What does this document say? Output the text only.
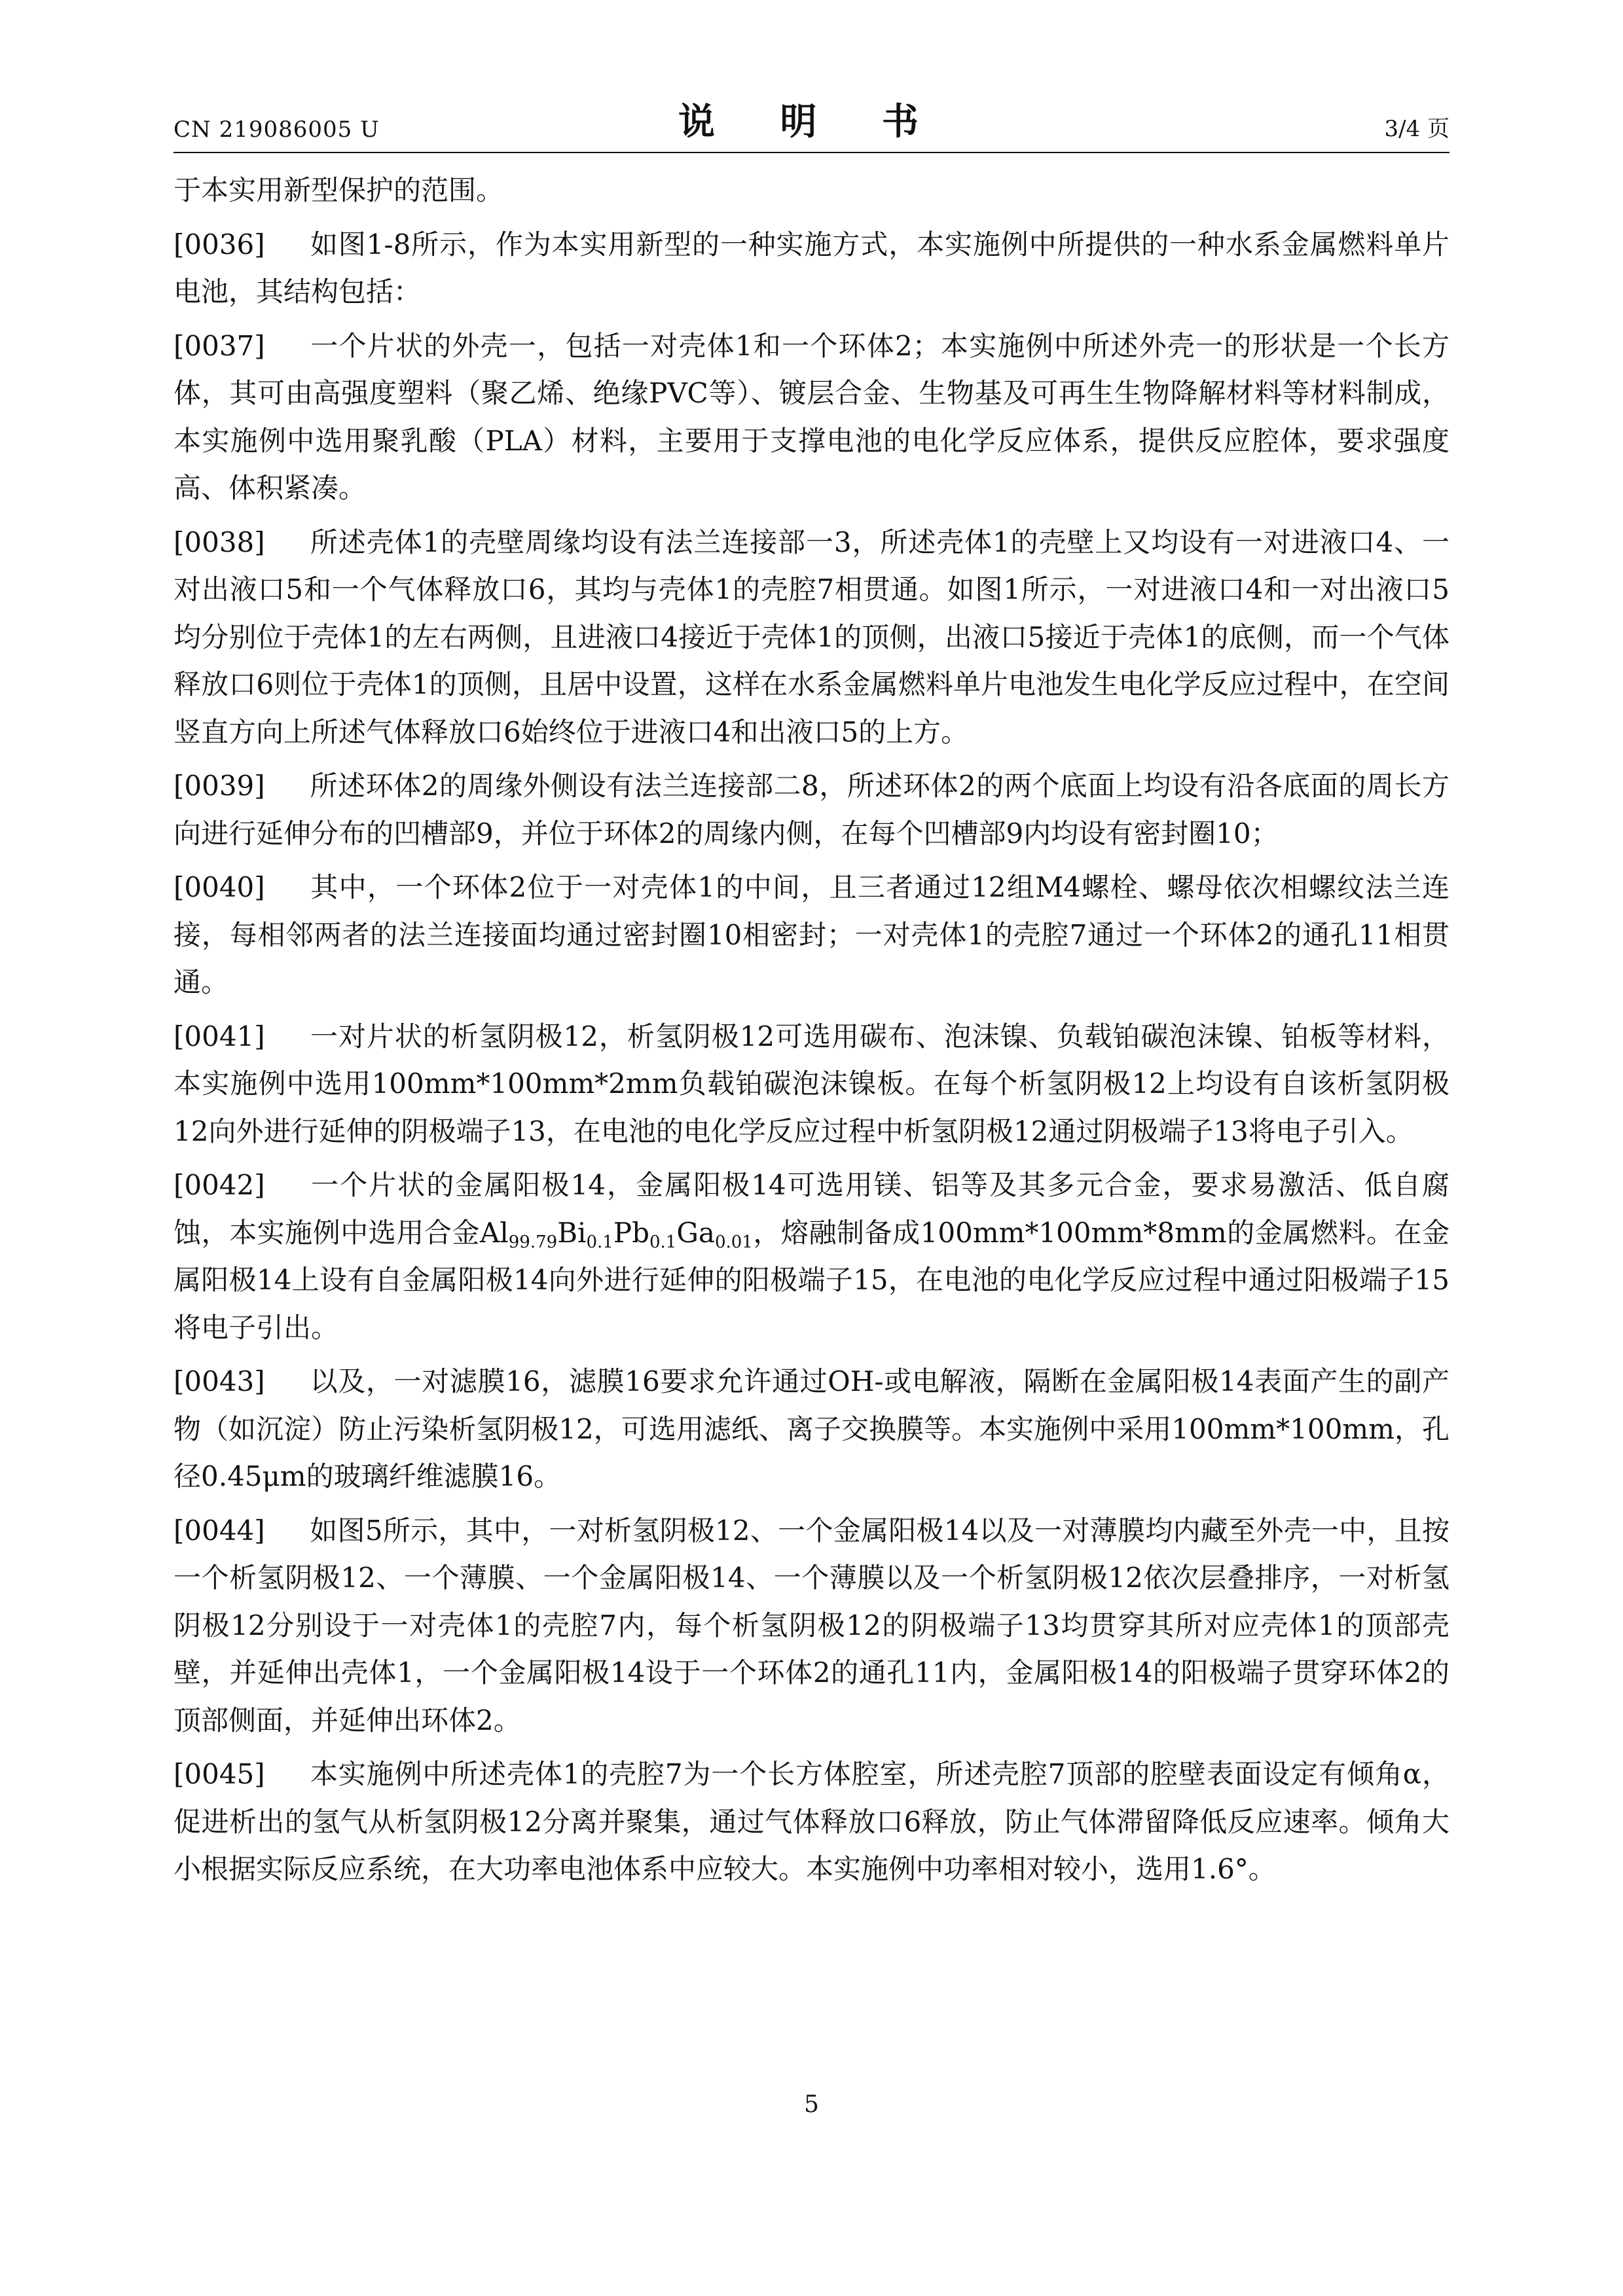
CN 219086005 U	说 明 书	3/4 页

于本实用新型保护的范围。

[0036] 如图1-8所示，作为本实用新型的一种实施方式，本实施例中所提供的一种水系金属燃料单片电池，其结构包括：

[0037] 一个片状的外壳一，包括一对壳体1和一个环体2；本实施例中所述外壳一的形状是一个长方体，其可由高强度塑料（聚乙烯、绝缘PVC等）、镀层合金、生物基及可再生生物降解材料等材料制成，本实施例中选用聚乳酸（PLA）材料，主要用于支撑电池的电化学反应体系，提供反应腔体，要求强度高、体积紧凑。

[0038] 所述壳体1的壳壁周缘均设有法兰连接部一3，所述壳体1的壳壁上又均设有一对进液口4、一对出液口5和一个气体释放口6，其均与壳体1的壳腔7相贯通。如图1所示，一对进液口4和一对出液口5均分别位于壳体1的左右两侧，且进液口4接近于壳体1的顶侧，出液口5接近于壳体1的底侧，而一个气体释放口6则位于壳体1的顶侧，且居中设置，这样在水系金属燃料单片电池发生电化学反应过程中，在空间竖直方向上所述气体释放口6始终位于进液口4和出液口5的上方。

[0039] 所述环体2的周缘外侧设有法兰连接部二8，所述环体2的两个底面上均设有沿各底面的周长方向进行延伸分布的凹槽部9，并位于环体2的周缘内侧，在每个凹槽部9内均设有密封圈10；

[0040] 其中，一个环体2位于一对壳体1的中间，且三者通过12组M4螺栓、螺母依次相螺纹法兰连接，每相邻两者的法兰连接面均通过密封圈10相密封；一对壳体1的壳腔7通过一个环体2的通孔11相贯通。

[0041] 一对片状的析氢阴极12，析氢阴极12可选用碳布、泡沫镍、负载铂碳泡沫镍、铂板等材料，本实施例中选用100mm*100mm*2mm负载铂碳泡沫镍板。在每个析氢阴极12上均设有自该析氢阴极12向外进行延伸的阴极端子13，在电池的电化学反应过程中析氢阴极12通过阴极端子13将电子引入。

[0042] 一个片状的金属阳极14，金属阳极14可选用镁、铝等及其多元合金，要求易激活、低自腐蚀，本实施例中选用合金$Al_{99.79}Bi_{0.1}Pb_{0.1}Ga_{0.01}$，熔融制备成100mm*100mm*8mm的金属燃料。在金属阳极14上设有自金属阳极14向外进行延伸的阳极端子15，在电池的电化学反应过程中通过阳极端子15将电子引出。

[0043] 以及，一对滤膜16，滤膜16要求允许通过OH-或电解液，隔断在金属阳极14表面产生的副产物（如沉淀）防止污染析氢阴极12，可选用滤纸、离子交换膜等。本实施例中采用100mm*100mm，孔径0.45μm的玻璃纤维滤膜16。

[0044] 如图5所示，其中，一对析氢阴极12、一个金属阳极14以及一对薄膜均内藏至外壳一中，且按一个析氢阴极12、一个薄膜、一个金属阳极14、一个薄膜以及一个析氢阴极12依次层叠排序，一对析氢阴极12分别设于一对壳体1的壳腔7内，每个析氢阴极12的阴极端子13均贯穿其所对应壳体1的顶部壳壁，并延伸出壳体1，一个金属阳极14设于一个环体2的通孔11内，金属阳极14的阳极端子贯穿环体2的顶部侧面，并延伸出环体2。

[0045] 本实施例中所述壳体1的壳腔7为一个长方体腔室，所述壳腔7顶部的腔壁表面设定有倾角α，促进析出的氢气从析氢阴极12分离并聚集，通过气体释放口6释放，防止气体滞留降低反应速率。倾角大小根据实际反应系统，在大功率电池体系中应较大。本实施例中功率相对较小，选用1.6°。

5
